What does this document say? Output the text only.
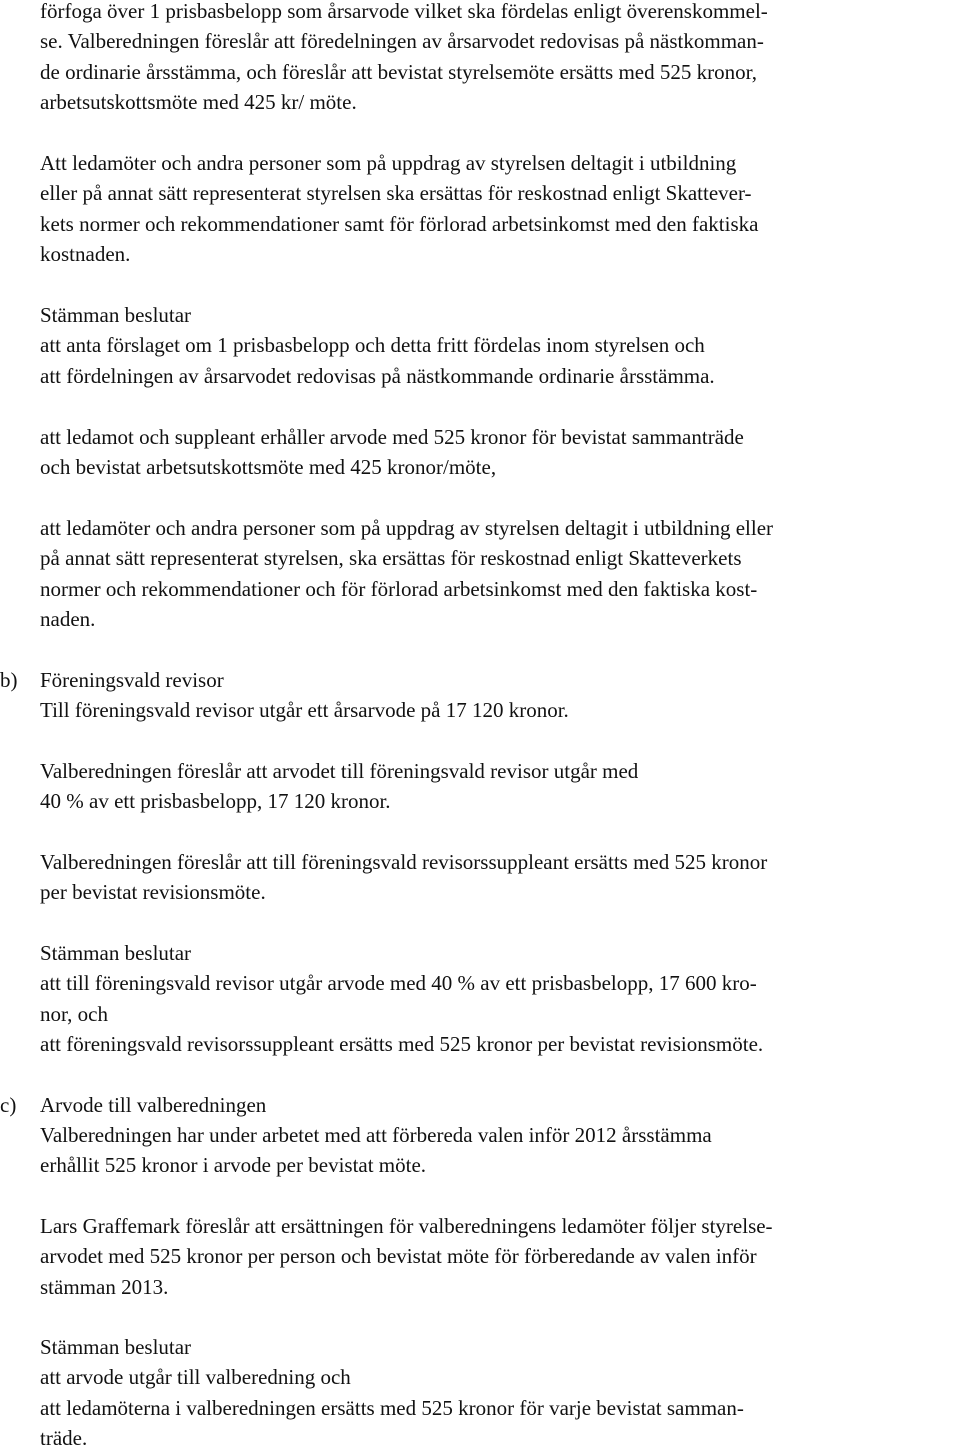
förfoga över 1 prisbasbelopp som årsarvode vilket ska fördelas enligt överenskommel-
se. Valberedningen föreslår att föredelningen av årsarvodet redovisas på nästkomman-
de ordinarie årsstämma, och föreslår att bevistat styrelsemöte ersätts med 525 kronor,
arbetsutskottsmöte med 425 kr/ möte.
Att ledamöter och andra personer som på uppdrag av styrelsen deltagit i utbildning
eller på annat sätt representerat styrelsen ska ersättas för reskostnad enligt Skattever-
kets normer och rekommendationer samt för förlorad arbetsinkomst med den faktiska
kostnaden.
Stämman beslutar
att anta förslaget om 1 prisbasbelopp och detta fritt fördelas inom styrelsen och
att fördelningen av årsarvodet redovisas på nästkommande ordinarie årsstämma.
att ledamot och suppleant erhåller arvode med 525 kronor för bevistat sammanträde
och bevistat arbetsutskottsmöte med 425 kronor/möte,
att ledamöter och andra personer som på uppdrag av styrelsen deltagit i utbildning eller
på annat sätt representerat styrelsen, ska ersättas för reskostnad enligt Skatteverkets
normer och rekommendationer och för förlorad arbetsinkomst med den faktiska kost-
naden.
b)	Föreningsvald revisor
Till föreningsvald revisor utgår ett årsarvode på 17 120 kronor.
Valberedningen föreslår att arvodet till föreningsvald revisor utgår med
40 % av ett prisbasbelopp, 17 120 kronor.
Valberedningen föreslår att till föreningsvald revisorssuppleant ersätts med 525 kronor
per bevistat revisionsmöte.
Stämman beslutar
att till föreningsvald revisor utgår arvode med 40 % av ett prisbasbelopp, 17 600 kro-
nor, och
att föreningsvald revisorssuppleant ersätts med 525 kronor per bevistat revisionsmöte.
c)	Arvode till valberedningen
Valberedningen har under arbetet med att förbereda valen inför 2012 årsstämma
erhållit 525 kronor i arvode per bevistat möte.
Lars Graffemark föreslår att ersättningen för valberedningens ledamöter följer styrelse-
arvodet med 525 kronor per person och bevistat möte för förberedande av valen inför
stämman 2013.
Stämman beslutar
att arvode utgår till valberedning och
att ledamöterna i valberedningen ersätts med 525 kronor för varje bevistat samman-
träde.
